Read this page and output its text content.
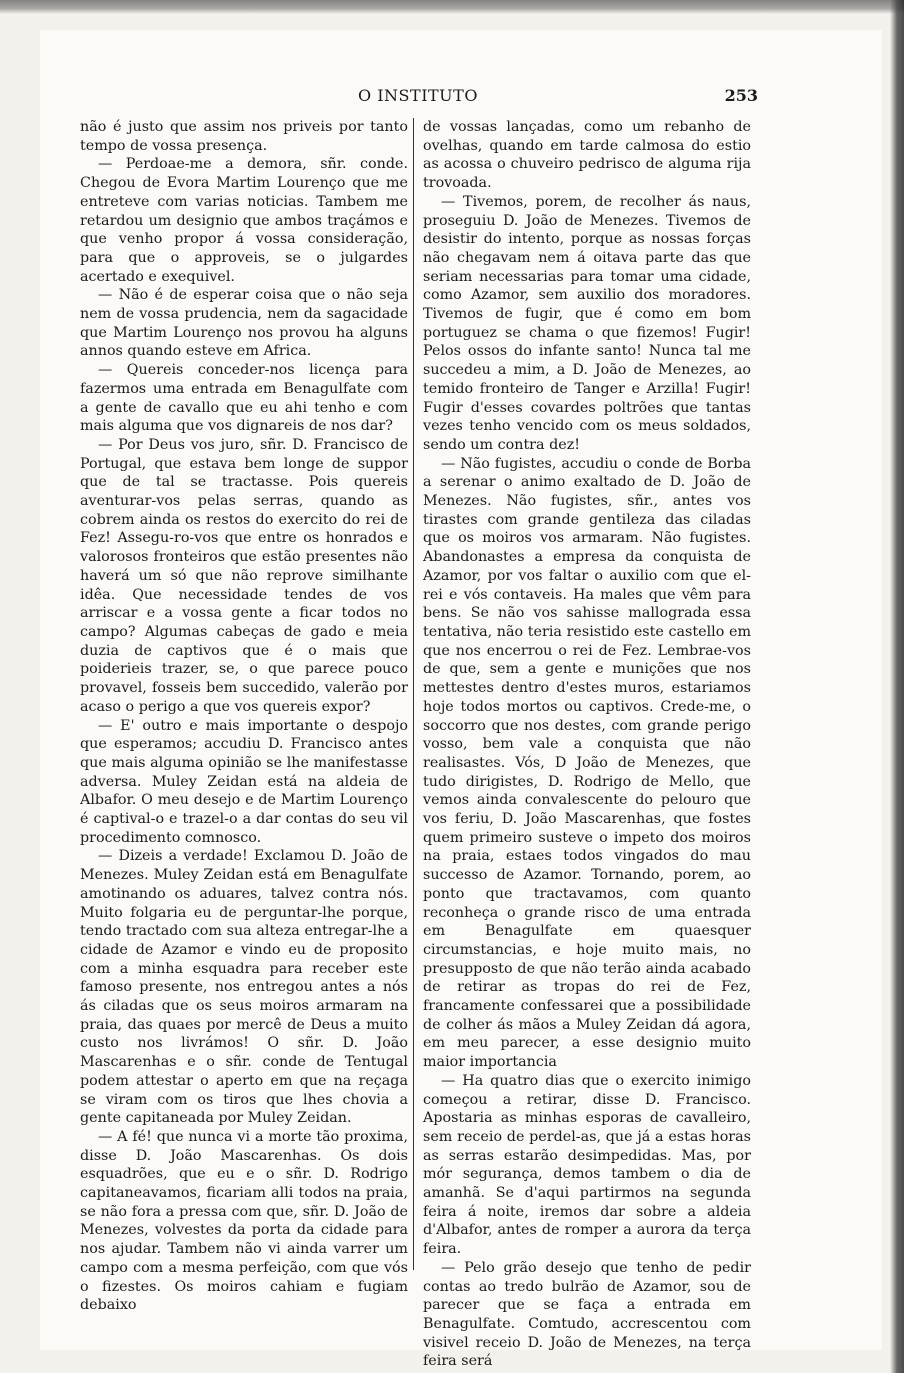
O INSTITUTO	253

não é justo que assim nos priveis por tanto tempo de vossa presença.

— Perdoae-me a demora, sñr. conde. Chegou de Evora Martim Lourenço que me entreteve com varias noticias. Tambem me retardou um designio que ambos traçámos e que venho propor á vossa consideração, para que o approveis, se o julgardes acertado e exequivel.

— Não é de esperar coisa que o não seja nem de vossa prudencia, nem da sagacidade que Martim Lourenço nos provou ha alguns annos quando esteve em Africa.

— Quereis conceder-nos licença para fazermos uma entrada em Benagulfate com a gente de cavallo que eu ahi tenho e com mais alguma que vos dignareis de nos dar?

— Por Deus vos juro, sñr. D. Francisco de Portugal, que estava bem longe de suppor que de tal se tractasse. Pois quereis aventurar-vos pelas serras, quando as cobrem ainda os restos do exercito do rei de Fez! Assegu-ro-vos que entre os honrados e valorosos fronteiros que estão presentes não haverá um só que não reprove similhante idêa. Que necessidade tendes de vos arriscar e a vossa gente a ficar todos no campo? Algumas cabeças de gado e meia duzia de captivos que é o mais que poiderieis trazer, se, o que parece pouco provavel, fosseis bem succedido, valerão por acaso o perigo a que vos quereis expor?

— E' outro e mais importante o despojo que esperamos; accudiu D. Francisco antes que mais alguma opinião se lhe manifestasse adversa. Muley Zeidan está na aldeia de Albafor. O meu desejo e de Martim Lourenço é captival-o e trazel-o a dar contas do seu vil procedimento comnosco.

— Dizeis a verdade! Exclamou D. João de Menezes. Muley Zeidan está em Benagulfate amotinando os aduares, talvez contra nós. Muito folgaria eu de perguntar-lhe porque, tendo tractado com sua alteza entregar-lhe a cidade de Azamor e vindo eu de proposito com a minha esquadra para receber este famoso presente, nos entregou antes a nós ás ciladas que os seus moiros armaram na praia, das quaes por mercê de Deus a muito custo nos livrámos! O sñr. D. João Mascarenhas e o sñr. conde de Tentugal podem attestar o aperto em que na reçaga se viram com os tiros que lhes chovia a gente capitaneada por Muley Zeidan.

— A fé! que nunca vi a morte tão proxima, disse D. João Mascarenhas. Os dois esquadrões, que eu e o sñr. D. Rodrigo capitaneavamos, ficariam alli todos na praia, se não fora a pressa com que, sñr. D. João de Menezes, volvestes da porta da cidade para nos ajudar. Tambem não vi ainda varrer um campo com a mesma perfeição, com que vós o fizestes. Os moiros cahiam e fugiam debaixo

de vossas lançadas, como um rebanho de ovelhas, quando em tarde calmosa do estio as acossa o chuveiro pedrisco de alguma rija trovoada.

— Tivemos, porem, de recolher ás naus, proseguiu D. João de Menezes. Tivemos de desistir do intento, porque as nossas forças não chegavam nem á oitava parte das que seriam necessarias para tomar uma cidade, como Azamor, sem auxilio dos moradores. Tivemos de fugir, que é como em bom portuguez se chama o que fizemos! Fugir! Pelos ossos do infante santo! Nunca tal me succedeu a mim, a D. João de Menezes, ao temido fronteiro de Tanger e Arzilla! Fugir! Fugir d'esses covardes poltrões que tantas vezes tenho vencido com os meus soldados, sendo um contra dez!

— Não fugistes, accudiu o conde de Borba a serenar o animo exaltado de D. João de Menezes. Não fugistes, sñr., antes vos tirastes com grande gentileza das ciladas que os moiros vos armaram. Não fugistes. Abandonastes a empresa da conquista de Azamor, por vos faltar o auxilio com que el-rei e vós contaveis. Ha males que vêm para bens. Se não vos sahisse mallograda essa tentativa, não teria resistido este castello em que nos encerrou o rei de Fez. Lembrae-vos de que, sem a gente e munições que nos mettestes dentro d'estes muros, estariamos hoje todos mortos ou captivos. Crede-me, o soccorro que nos destes, com grande perigo vosso, bem vale a conquista que não realisastes. Vós, D João de Menezes, que tudo dirigistes, D. Rodrigo de Mello, que vemos ainda convalescente do pelouro que vos feriu, D. João Mascarenhas, que fostes quem primeiro susteve o impeto dos moiros na praia, estaes todos vingados do mau successo de Azamor. Tornando, porem, ao ponto que tractavamos, com quanto reconheça o grande risco de uma entrada em Benagulfate em quaesquer circumstancias, e hoje muito mais, no presupposto de que não terão ainda acabado de retirar as tropas do rei de Fez, francamente confessarei que a possibilidade de colher ás mãos a Muley Zeidan dá agora, em meu parecer, a esse designio muito maior importancia

— Ha quatro dias que o exercito inimigo começou a retirar, disse D. Francisco. Apostaria as minhas esporas de cavalleiro, sem receio de perdel-as, que já a estas horas as serras estarão desimpedidas. Mas, por mór segurança, demos tambem o dia de amanhã. Se d'aqui partirmos na segunda feira á noite, iremos dar sobre a aldeia d'Albafor, antes de romper a aurora da terça feira.

— Pelo grão desejo que tenho de pedir contas ao tredo bulrão de Azamor, sou de parecer que se faça a entrada em Benagulfate. Comtudo, accrescentou com visivel receio D. João de Menezes, na terça feira será
